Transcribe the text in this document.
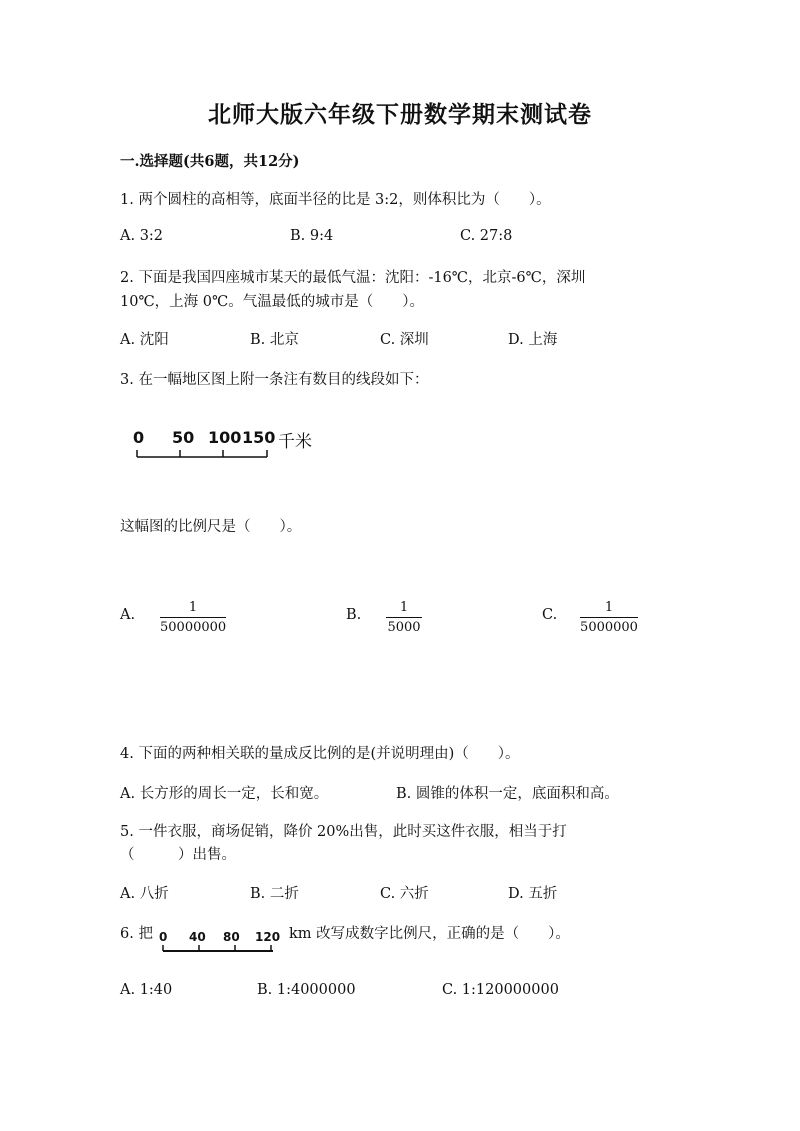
北师大版六年级下册数学期末测试卷
一.选择题(共6题，共12分)
1. 两个圆柱的高相等，底面半径的比是 3:2，则体积比为（　　）。
A. 3:2	B. 9:4	C. 27:8
2. 下面是我国四座城市某天的最低气温：沈阳：-16℃，北京-6℃，深圳
10℃，上海 0℃。气温最低的城市是（　　）。
A. 沈阳	B. 北京	C. 深圳	D. 上海
3. 在一幅地区图上附一条注有数目的线段如下：
0 50 100 150 千米
这幅图的比例尺是（　　）。
A.	1
50000000
B.	1
5000
C.	1
5000000
4. 下面的两种相关联的量成反比例的是(并说明理由)（　　）。
A. 长方形的周长一定，长和宽。	B. 圆锥的体积一定，底面积和高。
5. 一件衣服，商场促销，降价 20%出售，此时买这件衣服，相当于打
（　　　）出售。
A. 八折	B. 二折	C. 六折	D. 五折
6. 把 0 40 80 120 km 改写成数字比例尺，正确的是（　　）。
A. 1:40	B. 1:4000000	C. 1:120000000
